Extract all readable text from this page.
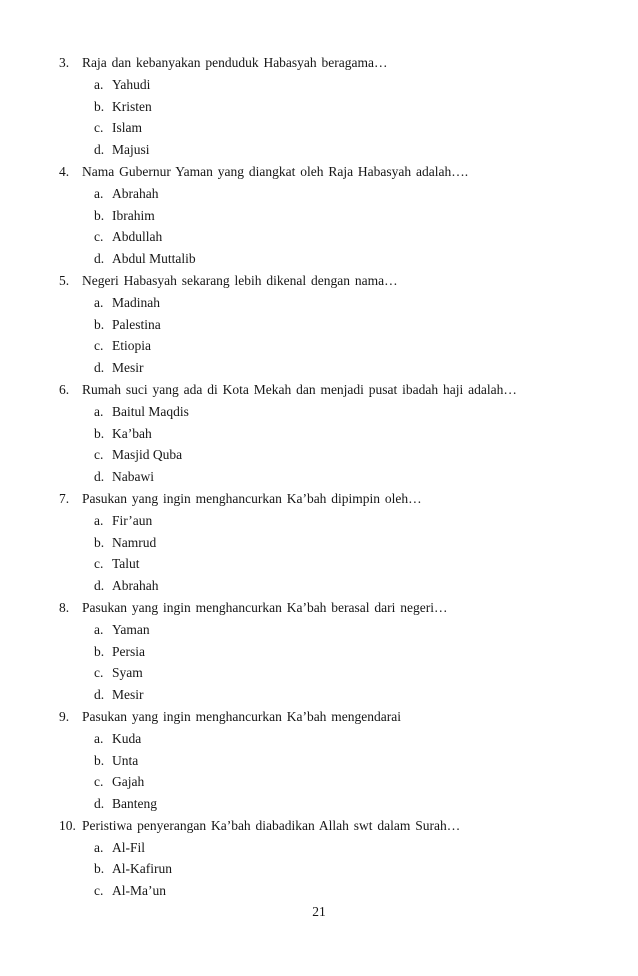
3. Raja dan kebanyakan penduduk Habasyah beragama…
a. Yahudi
b. Kristen
c. Islam
d. Majusi
4. Nama Gubernur Yaman yang diangkat oleh Raja Habasyah adalah….
a. Abrahah
b. Ibrahim
c. Abdullah
d. Abdul Muttalib
5. Negeri Habasyah sekarang lebih dikenal dengan nama…
a. Madinah
b. Palestina
c. Etiopia
d. Mesir
6. Rumah suci yang ada di Kota Mekah dan menjadi pusat ibadah haji adalah…
a. Baitul Maqdis
b. Ka’bah
c. Masjid Quba
d. Nabawi
7. Pasukan yang ingin menghancurkan Ka’bah dipimpin oleh…
a. Fir’aun
b. Namrud
c. Talut
d. Abrahah
8. Pasukan yang ingin menghancurkan Ka’bah berasal dari negeri…
a. Yaman
b. Persia
c. Syam
d. Mesir
9. Pasukan yang ingin menghancurkan Ka’bah mengendarai
a. Kuda
b. Unta
c. Gajah
d. Banteng
10. Peristiwa penyerangan Ka’bah diabadikan Allah swt dalam Surah…
a. Al-Fil
b. Al-Kafirun
c. Al-Ma’un
21
